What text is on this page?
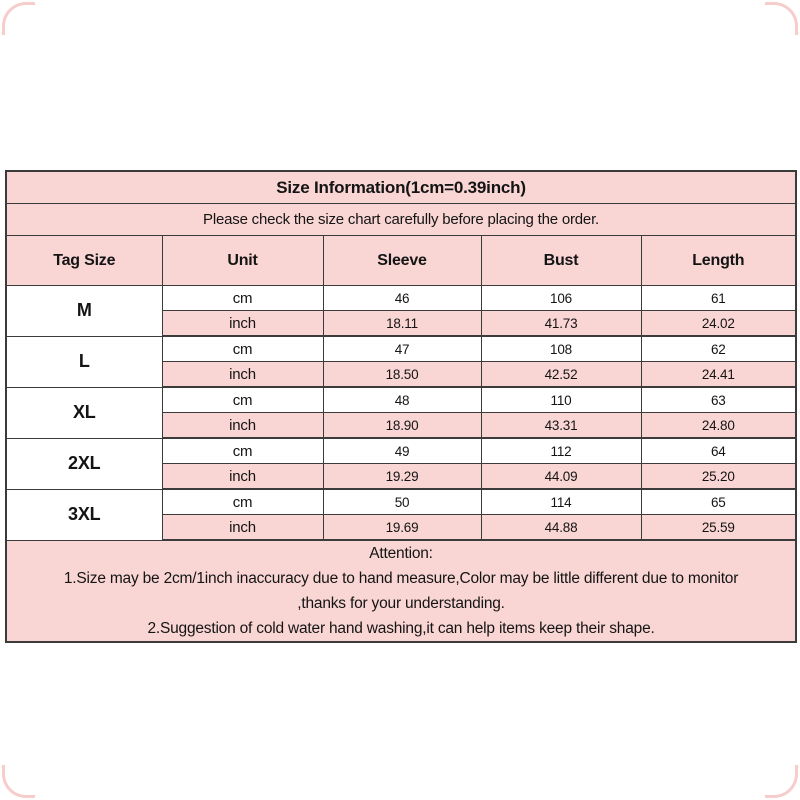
Size Information(1cm=0.39inch)				
Please check the size chart carefully before placing the order.				
Tag Size	Unit	Sleeve	Bust	Length
M	cm	46	106	61
	inch	18.11	41.73	24.02
L	cm	47	108	62
	inch	18.50	42.52	24.41
XL	cm	48	110	63
	inch	18.90	43.31	24.80
2XL	cm	49	112	64
	inch	19.29	44.09	25.20
3XL	cm	50	114	65
	inch	19.69	44.88	25.59

Attention:
1.Size may be 2cm/1inch inaccuracy due to hand measure,Color may be little different due to monitor
,thanks for your understanding.
2.Suggestion of cold water hand washing,it can help items keep their shape.				
